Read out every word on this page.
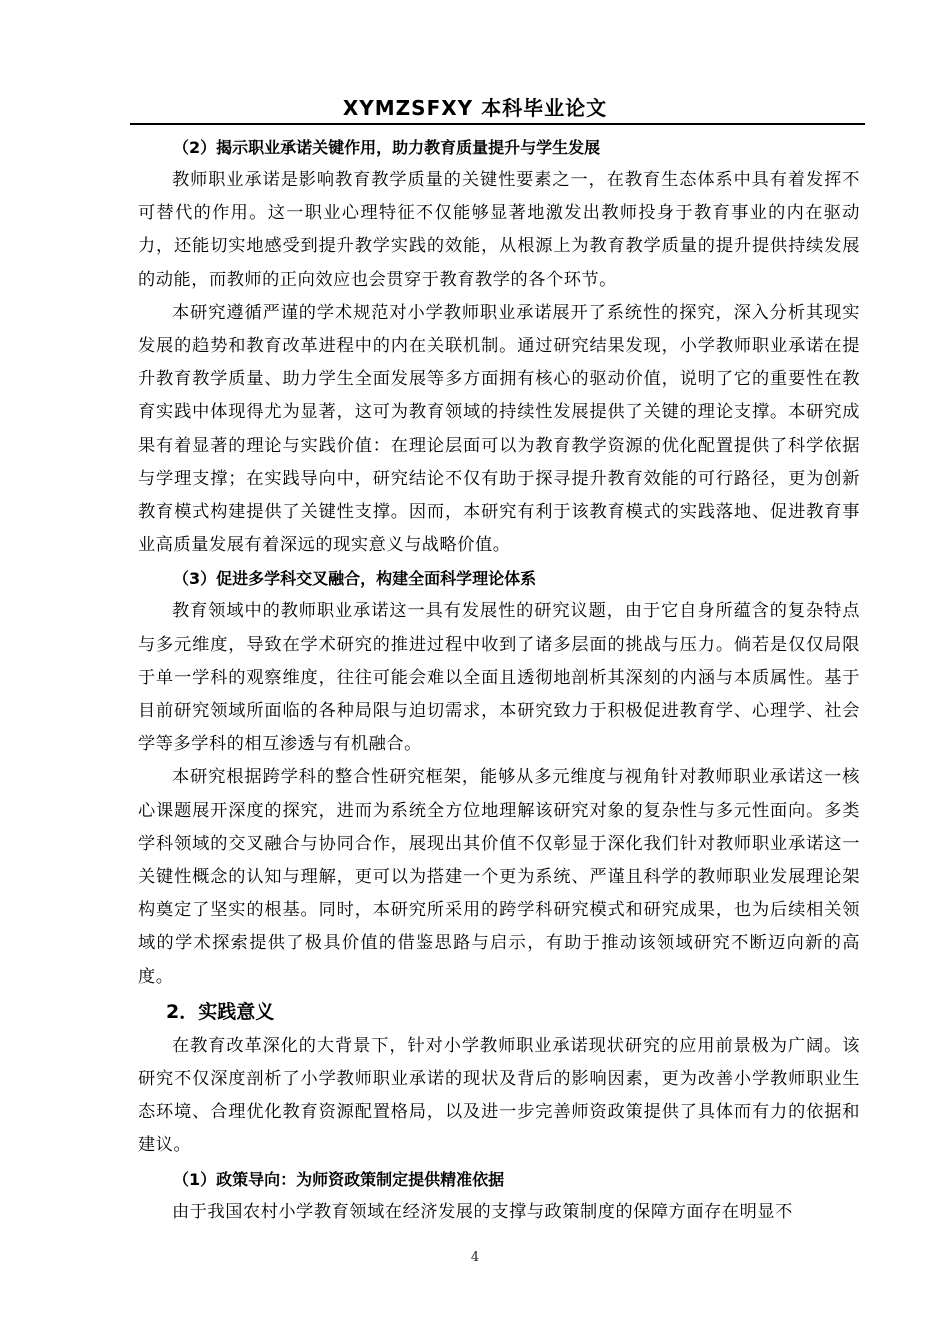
XYMZSFXY 本科毕业论文

（2）揭示职业承诺关键作用，助力教育质量提升与学生发展

教师职业承诺是影响教育教学质量的关键性要素之一，在教育生态体系中具有着发挥不可替代的作用。这一职业心理特征不仅能够显著地激发出教师投身于教育事业的内在驱动力，还能切实地感受到提升教学实践的效能，从根源上为教育教学质量的提升提供持续发展的动能，而教师的正向效应也会贯穿于教育教学的各个环节。

本研究遵循严谨的学术规范对小学教师职业承诺展开了系统性的探究，深入分析其现实发展的趋势和教育改革进程中的内在关联机制。通过研究结果发现，小学教师职业承诺在提升教育教学质量、助力学生全面发展等多方面拥有核心的驱动价值，说明了它的重要性在教育实践中体现得尤为显著，这可为教育领域的持续性发展提供了关键的理论支撑。本研究成果有着显著的理论与实践价值：在理论层面可以为教育教学资源的优化配置提供了科学依据与学理支撑；在实践导向中，研究结论不仅有助于探寻提升教育效能的可行路径，更为创新教育模式构建提供了关键性支撑。因而，本研究有利于该教育模式的实践落地、促进教育事业高质量发展有着深远的现实意义与战略价值。

（3）促进多学科交叉融合，构建全面科学理论体系

教育领域中的教师职业承诺这一具有发展性的研究议题，由于它自身所蕴含的复杂特点与多元维度，导致在学术研究的推进过程中收到了诸多层面的挑战与压力。倘若是仅仅局限于单一学科的观察维度，往往可能会难以全面且透彻地剖析其深刻的内涵与本质属性。基于目前研究领域所面临的各种局限与迫切需求，本研究致力于积极促进教育学、心理学、社会学等多学科的相互渗透与有机融合。

本研究根据跨学科的整合性研究框架，能够从多元维度与视角针对教师职业承诺这一核心课题展开深度的探究，进而为系统全方位地理解该研究对象的复杂性与多元性面向。多类学科领域的交叉融合与协同合作，展现出其价值不仅彰显于深化我们针对教师职业承诺这一关键性概念的认知与理解，更可以为搭建一个更为系统、严谨且科学的教师职业发展理论架构奠定了坚实的根基。同时，本研究所采用的跨学科研究模式和研究成果，也为后续相关领域的学术探索提供了极具价值的借鉴思路与启示，有助于推动该领域研究不断迈向新的高度。

2．实践意义

在教育改革深化的大背景下，针对小学教师职业承诺现状研究的应用前景极为广阔。该研究不仅深度剖析了小学教师职业承诺的现状及背后的影响因素，更为改善小学教师职业生态环境、合理优化教育资源配置格局，以及进一步完善师资政策提供了具体而有力的依据和建议。

（1）政策导向：为师资政策制定提供精准依据

由于我国农村小学教育领域在经济发展的支撑与政策制度的保障方面存在明显不

4
